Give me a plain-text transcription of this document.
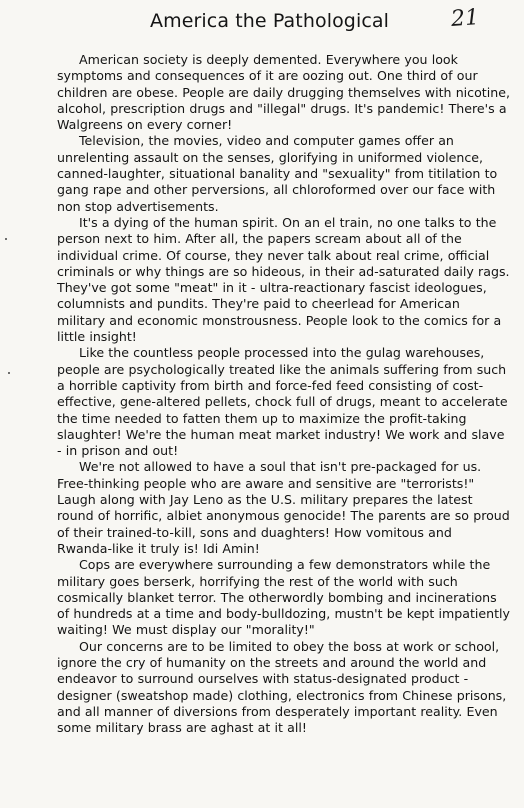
America the Pathological	21

American society is deeply demented. Everywhere you look symptoms and consequences of it are oozing out. One third of our children are obese. People are daily drugging themselves with nicotine, alcohol, prescription drugs and "illegal" drugs. It's pandemic! There's a Walgreens on every corner!

Television, the movies, video and computer games offer an unrelenting assault on the senses, glorifying in uniformed violence, canned-laughter, situational banality and "sexuality" from titilation to gang rape and other perversions, all chloroformed over our face with non stop advertisements.

It's a dying of the human spirit. On an el train, no one talks to the person next to him. After all, the papers scream about all of the individual crime. Of course, they never talk about real crime, official criminals or why things are so hideous, in their ad-saturated daily rags. They've got some "meat" in it - ultra-reactionary fascist ideologues, columnists and pundits. They're paid to cheerlead for American military and economic monstrousness. People look to the comics for a little insight!

Like the countless people processed into the gulag warehouses, people are psychologically treated like the animals suffering from such a horrible captivity from birth and force-fed feed consisting of cost-effective, gene-altered pellets, chock full of drugs, meant to accelerate the time needed to fatten them up to maximize the profit-taking slaughter! We're the human meat market industry! We work and slave - in prison and out!

We're not allowed to have a soul that isn't pre-packaged for us. Free-thinking people who are aware and sensitive are "terrorists!" Laugh along with Jay Leno as the U.S. military prepares the latest round of horrific, albiet anonymous genocide! The parents are so proud of their trained-to-kill, sons and duaghters! How vomitous and Rwanda-like it truly is! Idi Amin!

Cops are everywhere surrounding a few demonstrators while the military goes berserk, horrifying the rest of the world with such cosmically blanket terror. The otherwordly bombing and incinerations of hundreds at a time and body-bulldozing, mustn't be kept impatiently waiting! We must display our "morality!"

Our concerns are to be limited to obey the boss at work or school, ignore the cry of humanity on the streets and around the world and endeavor to surround ourselves with status-designated product - designer (sweatshop made) clothing, electronics from Chinese prisons, and all manner of diversions from desperately important reality. Even some military brass are aghast at it all!
